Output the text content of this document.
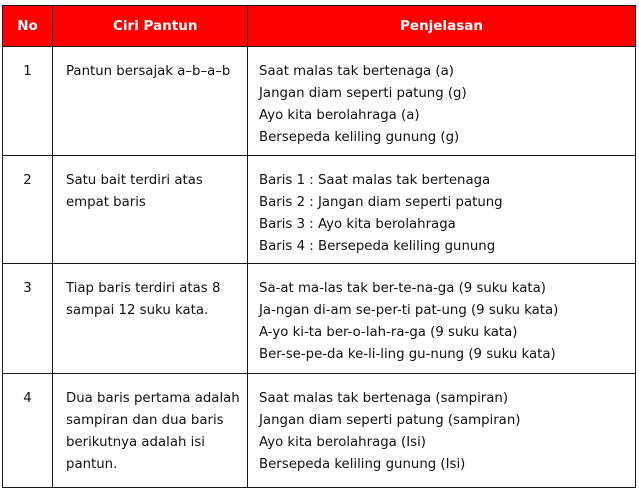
No	Ciri Pantun	Penjelasan
1	Pantun bersajak a–b–a–b	Saat malas tak bertenaga (a)
Jangan diam seperti patung (g)
Ayo kita berolahraga (a)
Bersepeda keliling gunung (g)

2	Satu bait terdiri atas empat baris	Baris 1 : Saat malas tak bertenaga
Baris 2 : Jangan diam seperti patung
Baris 3 : Ayo kita berolahraga
Baris 4 : Bersepeda keliling gunung

3	Tiap baris terdiri atas 8 sampai 12 suku kata.	Sa-at ma-las tak ber-te-na-ga (9 suku kata)
Ja-ngan di-am se-per-ti pat-ung (9 suku kata)
A-yo ki-ta ber-o-lah-ra-ga (9 suku kata)
Ber-se-pe-da ke-li-ling gu-nung (9 suku kata)

4	Dua baris pertama adalah sampiran dan dua baris berikutnya adalah isi pantun.	Saat malas tak bertenaga (sampiran)
Jangan diam seperti patung (sampiran)
Ayo kita berolahraga (Isi)
Bersepeda keliling gunung (Isi)
